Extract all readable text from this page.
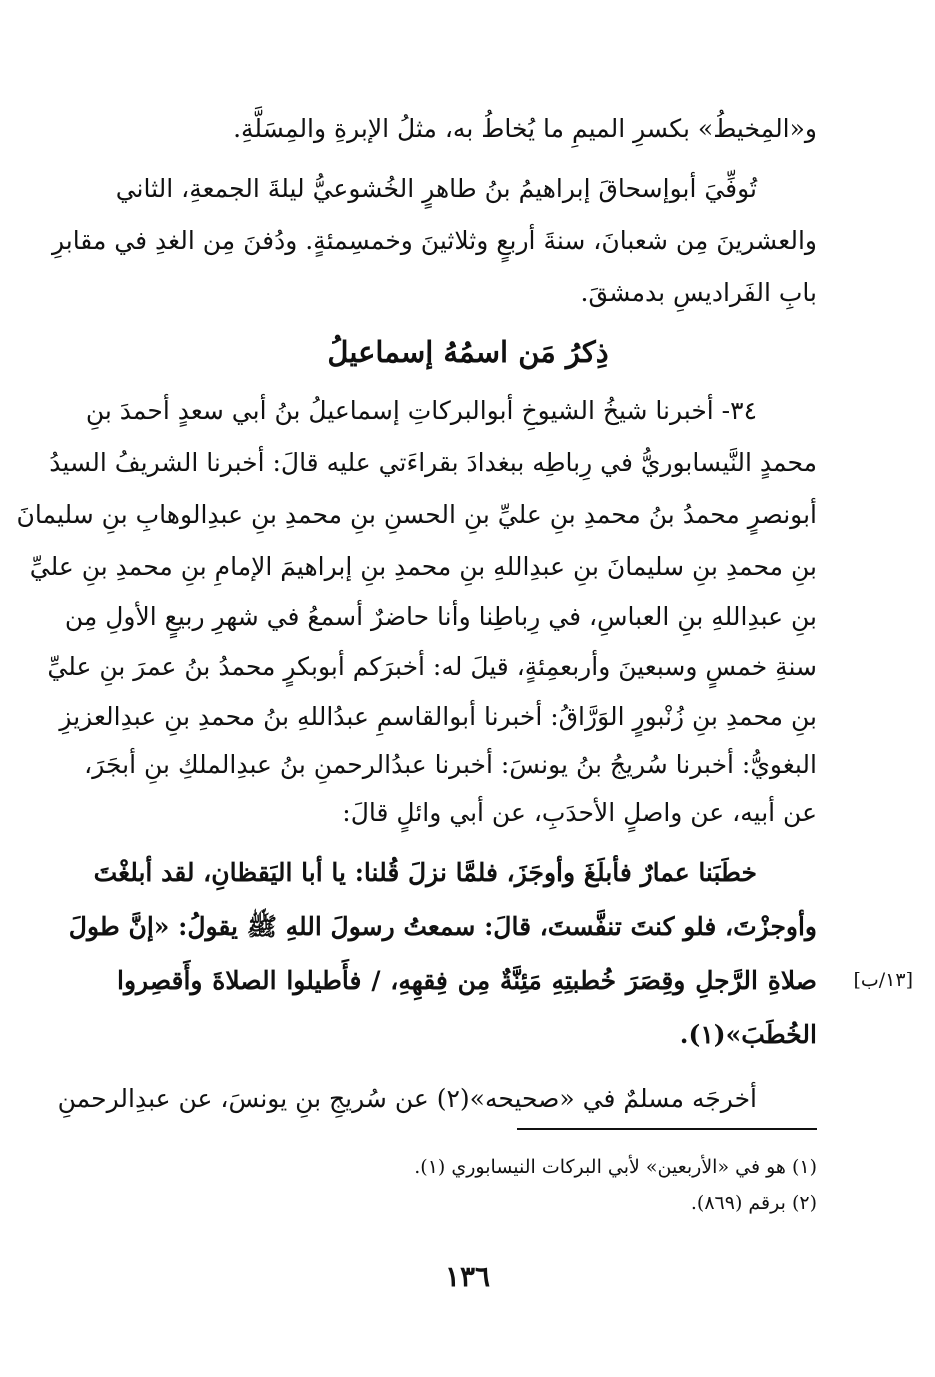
و«المِخيطُ» بكسرِ الميمِ ما يُخاطُ به، مثلُ الإبرةِ والمِسَلَّةِ.
تُوفِّيَ أبوإسحاقَ إبراهيمُ بنُ طاهرٍ الخُشوعيُّ ليلةَ الجمعةِ، الثاني
والعشرينَ مِن شعبانَ، سنةَ أربعٍ وثلاثينَ وخمسِمئةٍ. ودُفنَ مِن الغدِ في مقابرِ
بابِ الفَراديسِ بدمشقَ.
ذِكرُ مَن اسمُهُ إسماعيلُ
٣٤- أخبرنا شيخُ الشيوخِ أبوالبركاتِ إسماعيلُ بنُ أبي سعدٍ أحمدَ بنِ
محمدٍ النَّيسابوريُّ في رِباطِه ببغدادَ بقراءَتي عليه قالَ: أخبرنا الشريفُ السيدُ
أبونصرٍ محمدُ بنُ محمدِ بنِ عليِّ بنِ الحسنِ بنِ محمدِ بنِ عبدِالوهابِ بنِ سليمانَ
بنِ محمدِ بنِ سليمانَ بنِ عبدِاللهِ بنِ محمدِ بنِ إبراهيمَ الإمامِ بنِ محمدِ بنِ عليِّ
بنِ عبدِاللهِ بنِ العباسِ، في رِباطِنا وأنا حاضرٌ أسمعُ في شهرِ ربيعٍ الأولِ مِن
سنةِ خمسٍ وسبعينَ وأربعمِئةٍ، قيلَ له: أخبرَكم أبوبكرٍ محمدُ بنُ عمرَ بنِ عليِّ
بنِ محمدِ بنِ زُنْبورٍ الوَرَّاقُ: أخبرنا أبوالقاسمِ عبدُاللهِ بنُ محمدِ بنِ عبدِالعزيزِ
البغويُّ: أخبرنا سُريجُ بنُ يونسَ: أخبرنا عبدُالرحمنِ بنُ عبدِالملكِ بنِ أبجَرَ،
عن أبيه، عن واصلٍ الأحدَبِ، عن أبي وائلٍ قالَ:
خطَبَنا عمارٌ فأبلَغَ وأوجَزَ، فلمَّا نزلَ قُلنا: يا أبا اليَقظانِ، لقد أبلغْتَ
وأوجزْتَ، فلو كنتَ تنفَّستَ، قالَ: سمعتُ رسولَ اللهِ ﷺ يقولُ: «إنَّ طولَ
صلاةِ الرَّجلِ وقِصَرَ خُطبتِهِ مَئِنَّةٌ مِن فِقهِهِ، / فأَطيلوا الصلاةَ وأَقصِروا
الخُطَبَ»(١).
[١٣/ب]
أخرجَه مسلمٌ في «صحيحه»(٢) عن سُريجِ بنِ يونسَ، عن عبدِالرحمنِ
(١) هو في «الأربعين» لأبي البركات النيسابوري (١).
(٢) برقم (٨٦٩).
١٣٦
